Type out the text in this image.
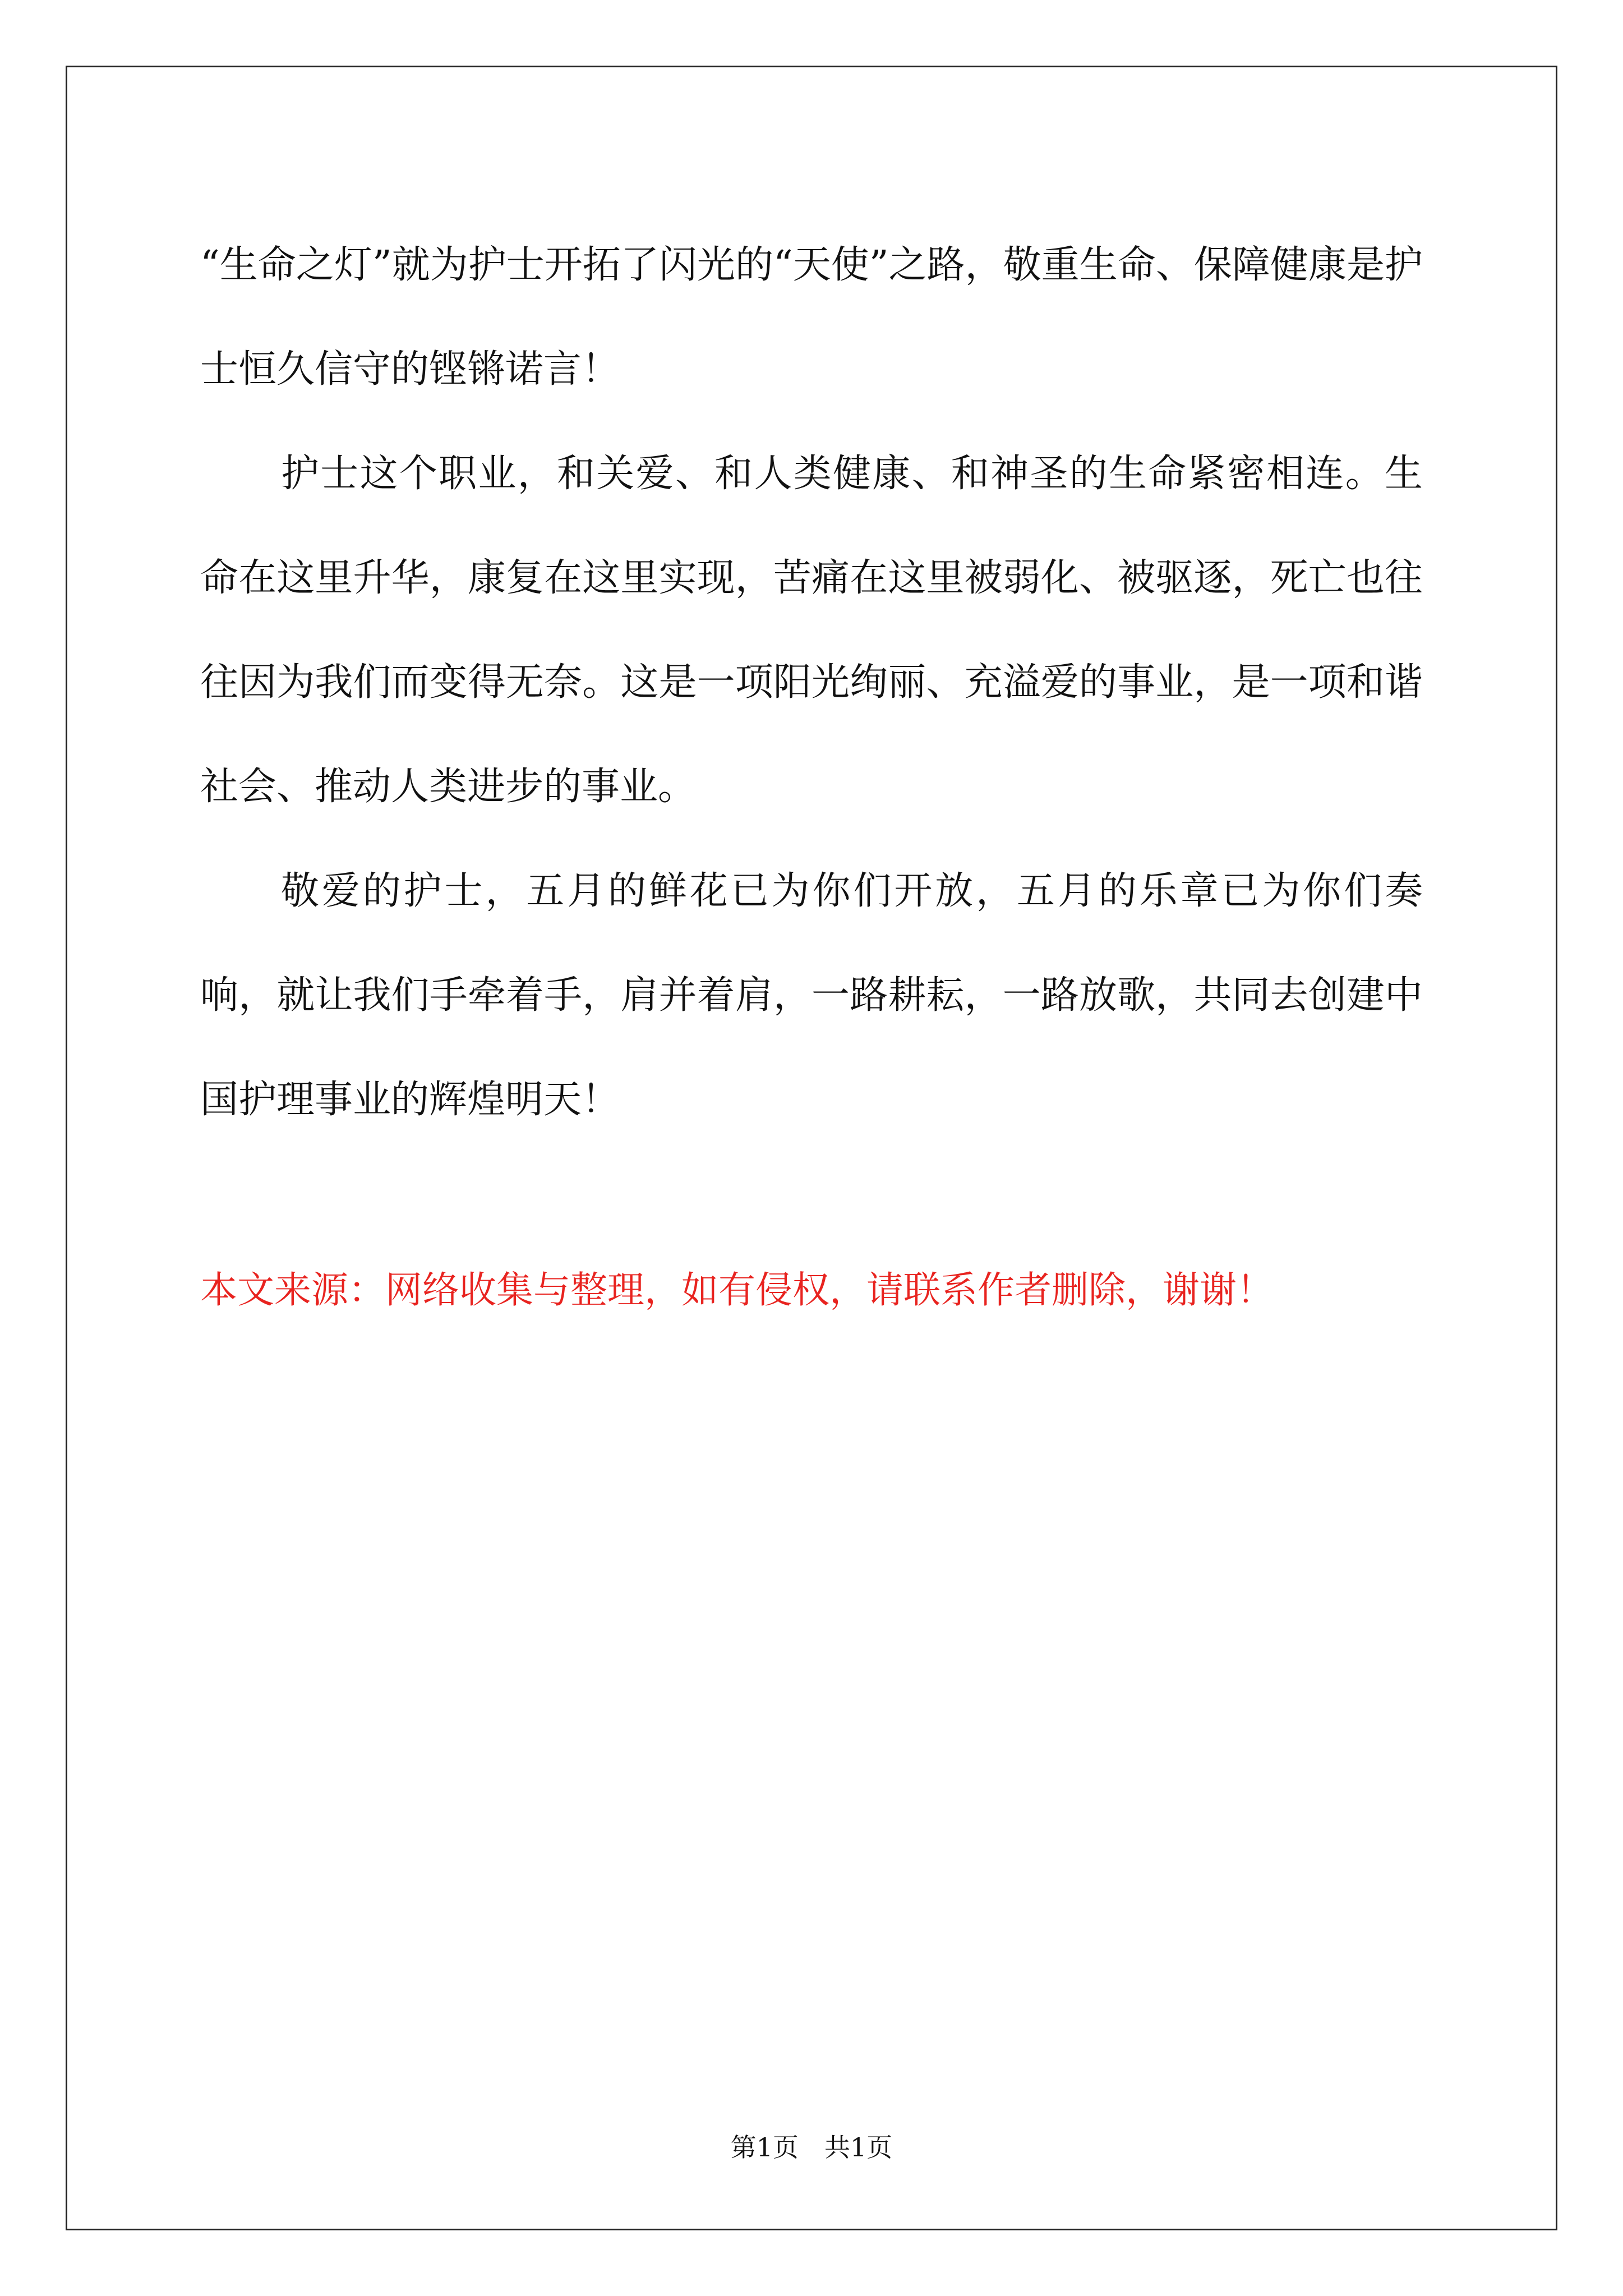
“生命之灯”就为护士开拓了闪光的“天使”之路，敬重生命、保障健康是护士恒久信守的铿锵诺言！

护士这个职业，和关爱、和人类健康、和神圣的生命紧密相连。生命在这里升华，康复在这里实现，苦痛在这里被弱化、被驱逐，死亡也往往因为我们而变得无奈。这是一项阳光绚丽、充溢爱的事业，是一项和谐社会、推动人类进步的事业。

敬爱的护士，五月的鲜花已为你们开放，五月的乐章已为你们奏响，就让我们手牵着手，肩并着肩，一路耕耘，一路放歌，共同去创建中国护理事业的辉煌明天！

本文来源：网络收集与整理，如有侵权，请联系作者删除，谢谢！

第1页　共1页
